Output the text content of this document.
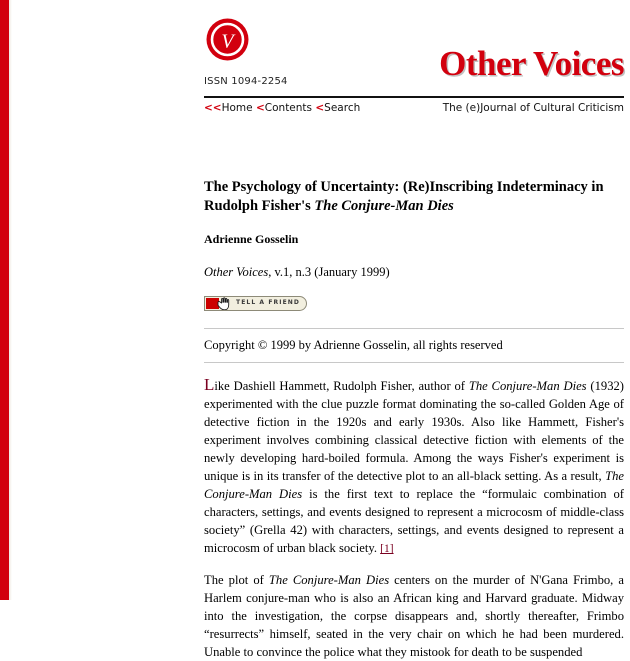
V
ISSN 1094-2254	Other Voices
<<Home <Contents <Search	The (e)Journal of Cultural Criticism
The Psychology of Uncertainty: (Re)Inscribing Indeterminacy in
Rudolph Fisher's The Conjure-Man Dies
Adrienne Gosselin
Other Voices, v.1, n.3 (January 1999)
TELL A FRIEND
Copyright © 1999 by Adrienne Gosselin, all rights reserved

Like Dashiell Hammett, Rudolph Fisher, author of The Conjure-Man Dies (1932) experimented with the clue puzzle format dominating the so-called Golden Age of detective fiction in the 1920s and early 1930s. Also like Hammett, Fisher's experiment involves combining classical detective fiction with elements of the newly developing hard-boiled formula. Among the ways Fisher's experiment is unique is in its transfer of the detective plot to an all-black setting. As a result, The Conjure-Man Dies is the first text to replace the “formulaic combination of characters, settings, and events designed to represent a microcosm of middle-class society” (Grella 42) with characters, settings, and events designed to represent a microcosm of urban black society. [1]

The plot of The Conjure-Man Dies centers on the murder of N'Gana Frimbo, a Harlem conjure-man who is also an African king and Harvard graduate. Midway into the investigation, the corpse disappears and, shortly thereafter, Frimbo “resurrects” himself, seated in the very chair on which he had been murdered. Unable to convince the police what they mistook for death to be suspended
